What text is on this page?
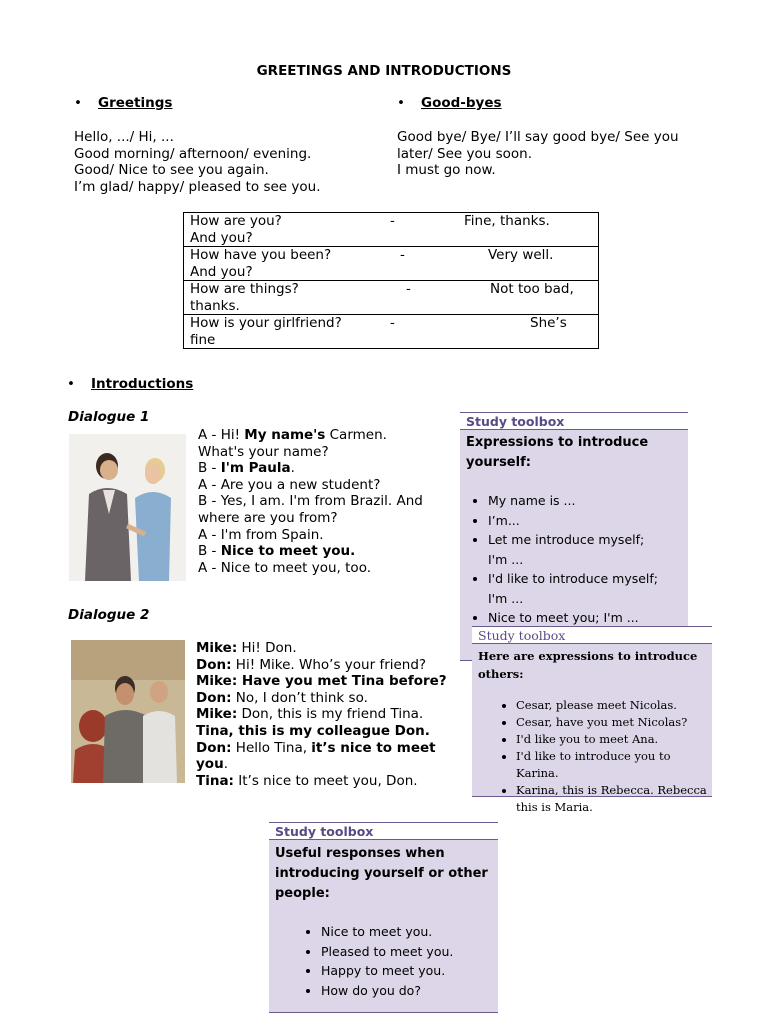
GREETINGS AND INTRODUCTIONS
• Greetings
Hello, .../ Hi, ...
Good morning/ afternoon/ evening.
Good/ Nice to see you again.
I’m glad/ happy/ pleased to see you.
• Good-byes
Good bye/ Bye/ I’ll say good bye/ See you
later/ See you soon.
I must go now.
How are you?	-	Fine, thanks.
And you?
How have you been?	-	Very well.
And you?
How are things?	-	Not too bad,
thanks.
How is your girlfriend?	-	She’s
fine
• Introductions
Dialogue 1
A - Hi! My name's Carmen.
What's your name?
B - I'm Paula.
A - Are you a new student?
B - Yes, I am. I'm from Brazil. And
where are you from?
A - I'm from Spain.
B - Nice to meet you.
A - Nice to meet you, too.
Study toolbox
Expressions to introduce
yourself:
• My name is ...
• I’m...
• Let me introduce myself;
I'm ...
• I'd like to introduce myself;
I'm ...
• Nice to meet you; I'm ...
Dialogue 2
Mike: Hi! Don.
Don: Hi! Mike. Who’s your friend?
Mike: Have you met Tina before?
Don: No, I don’t think so.
Mike: Don, this is my friend Tina.
Tina, this is my colleague Don.
Don: Hello Tina, it’s nice to meet
you.
Tina: It’s nice to meet you, Don.
Study toolbox
Here are expressions to introduce others:
• Cesar, please meet Nicolas.
• Cesar, have you met Nicolas?
• I'd like you to meet Ana.
• I'd like to introduce you to Karina.
• Karina, this is Rebecca. Rebecca
this is Maria.
Study toolbox
Useful responses when
introducing yourself or other
people:
• Nice to meet you.
• Pleased to meet you.
• Happy to meet you.
• How do you do?
